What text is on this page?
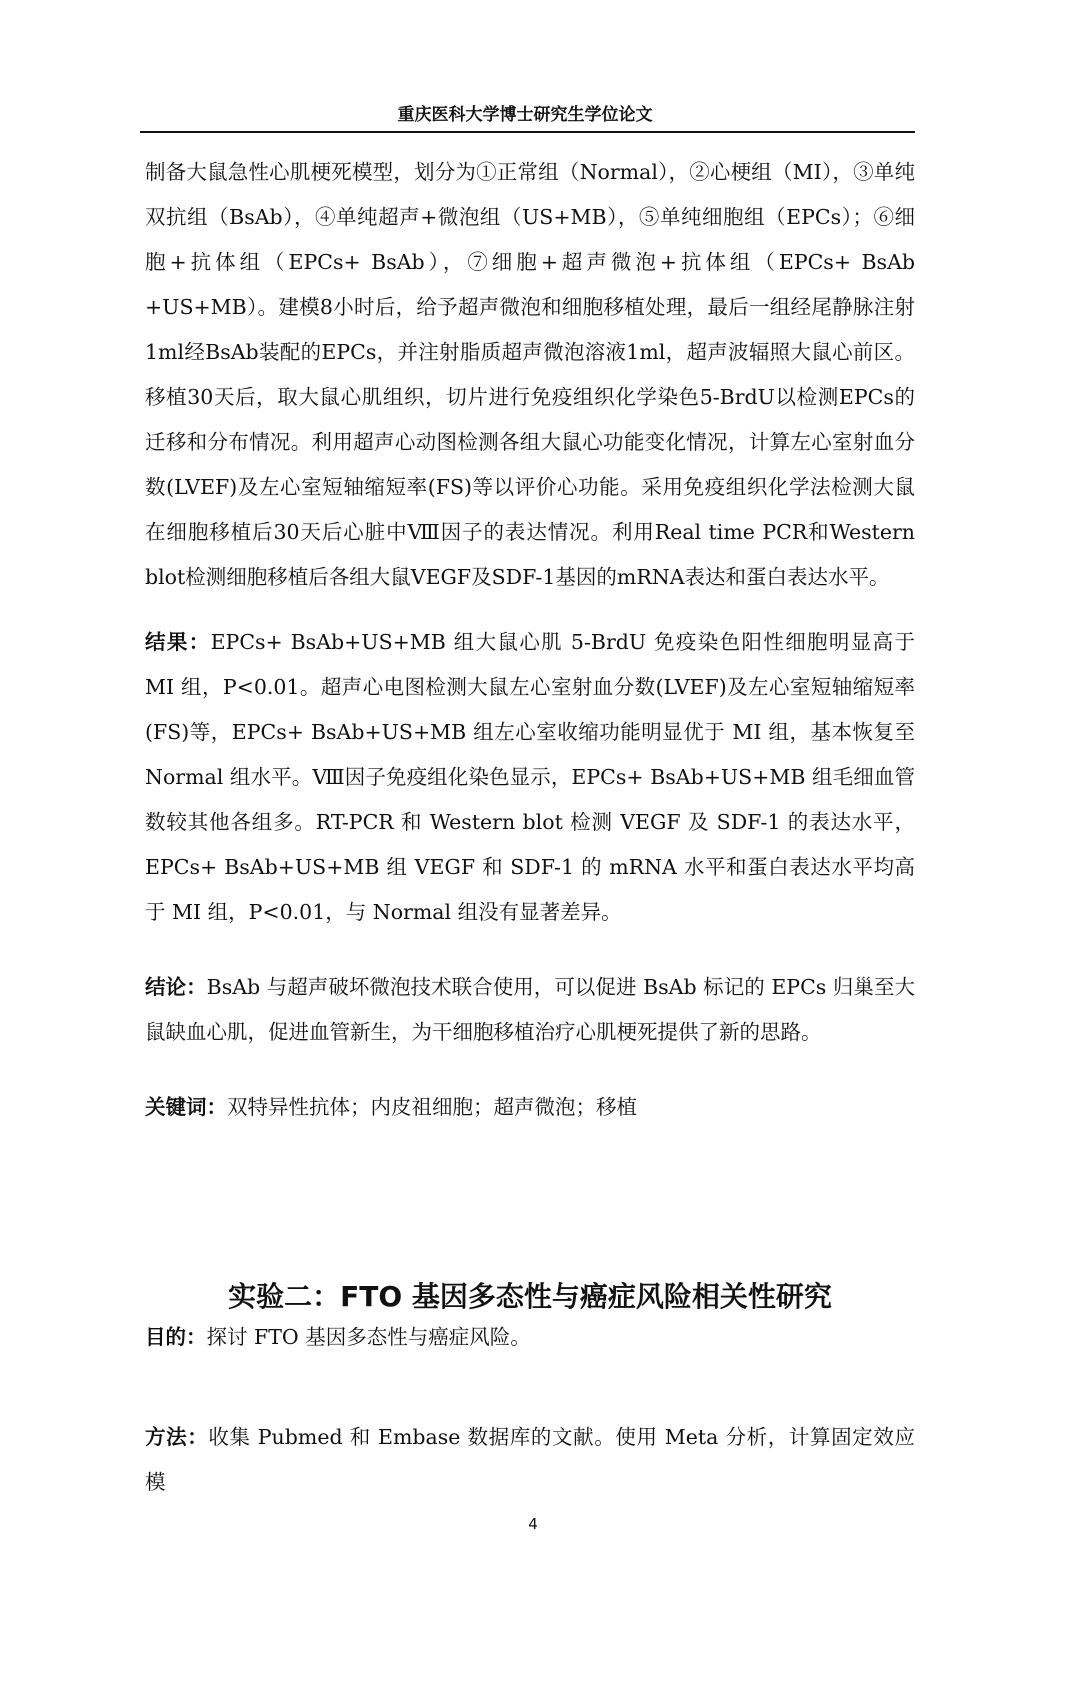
重庆医科大学博士研究生学位论文

制备大鼠急性心肌梗死模型，划分为①正常组（Normal），②心梗组（MI），③单纯双抗组（BsAb），④单纯超声+微泡组（US+MB），⑤单纯细胞组（EPCs）；⑥细胞+抗体组（EPCs+ BsAb），⑦细胞+超声微泡+抗体组（EPCs+ BsAb +US+MB）。建模8小时后，给予超声微泡和细胞移植处理，最后一组经尾静脉注射1ml经BsAb装配的EPCs，并注射脂质超声微泡溶液1ml，超声波辐照大鼠心前区。移植30天后，取大鼠心肌组织，切片进行免疫组织化学染色5-BrdU以检测EPCs的迁移和分布情况。利用超声心动图检测各组大鼠心功能变化情况，计算左心室射血分数(LVEF)及左心室短轴缩短率(FS)等以评价心功能。采用免疫组织化学法检测大鼠在细胞移植后30天后心脏中Ⅷ因子的表达情况。利用Real time PCR和Western blot检测细胞移植后各组大鼠VEGF及SDF-1基因的mRNA表达和蛋白表达水平。

结果：EPCs+ BsAb+US+MB 组大鼠心肌 5-BrdU 免疫染色阳性细胞明显高于 MI 组，P<0.01。超声心电图检测大鼠左心室射血分数(LVEF)及左心室短轴缩短率(FS)等，EPCs+ BsAb+US+MB 组左心室收缩功能明显优于 MI 组，基本恢复至 Normal 组水平。Ⅷ因子免疫组化染色显示，EPCs+ BsAb+US+MB 组毛细血管数较其他各组多。RT-PCR 和 Western blot 检测 VEGF 及 SDF-1 的表达水平，EPCs+ BsAb+US+MB 组 VEGF 和 SDF-1 的 mRNA 水平和蛋白表达水平均高于 MI 组，P<0.01，与 Normal 组没有显著差异。

结论：BsAb 与超声破坏微泡技术联合使用，可以促进 BsAb 标记的 EPCs 归巢至大鼠缺血心肌，促进血管新生，为干细胞移植治疗心肌梗死提供了新的思路。

关键词：双特异性抗体；内皮祖细胞；超声微泡；移植

实验二：FTO 基因多态性与癌症风险相关性研究

目的：探讨 FTO 基因多态性与癌症风险。

方法：收集 Pubmed 和 Embase 数据库的文献。使用 Meta 分析，计算固定效应模

4
